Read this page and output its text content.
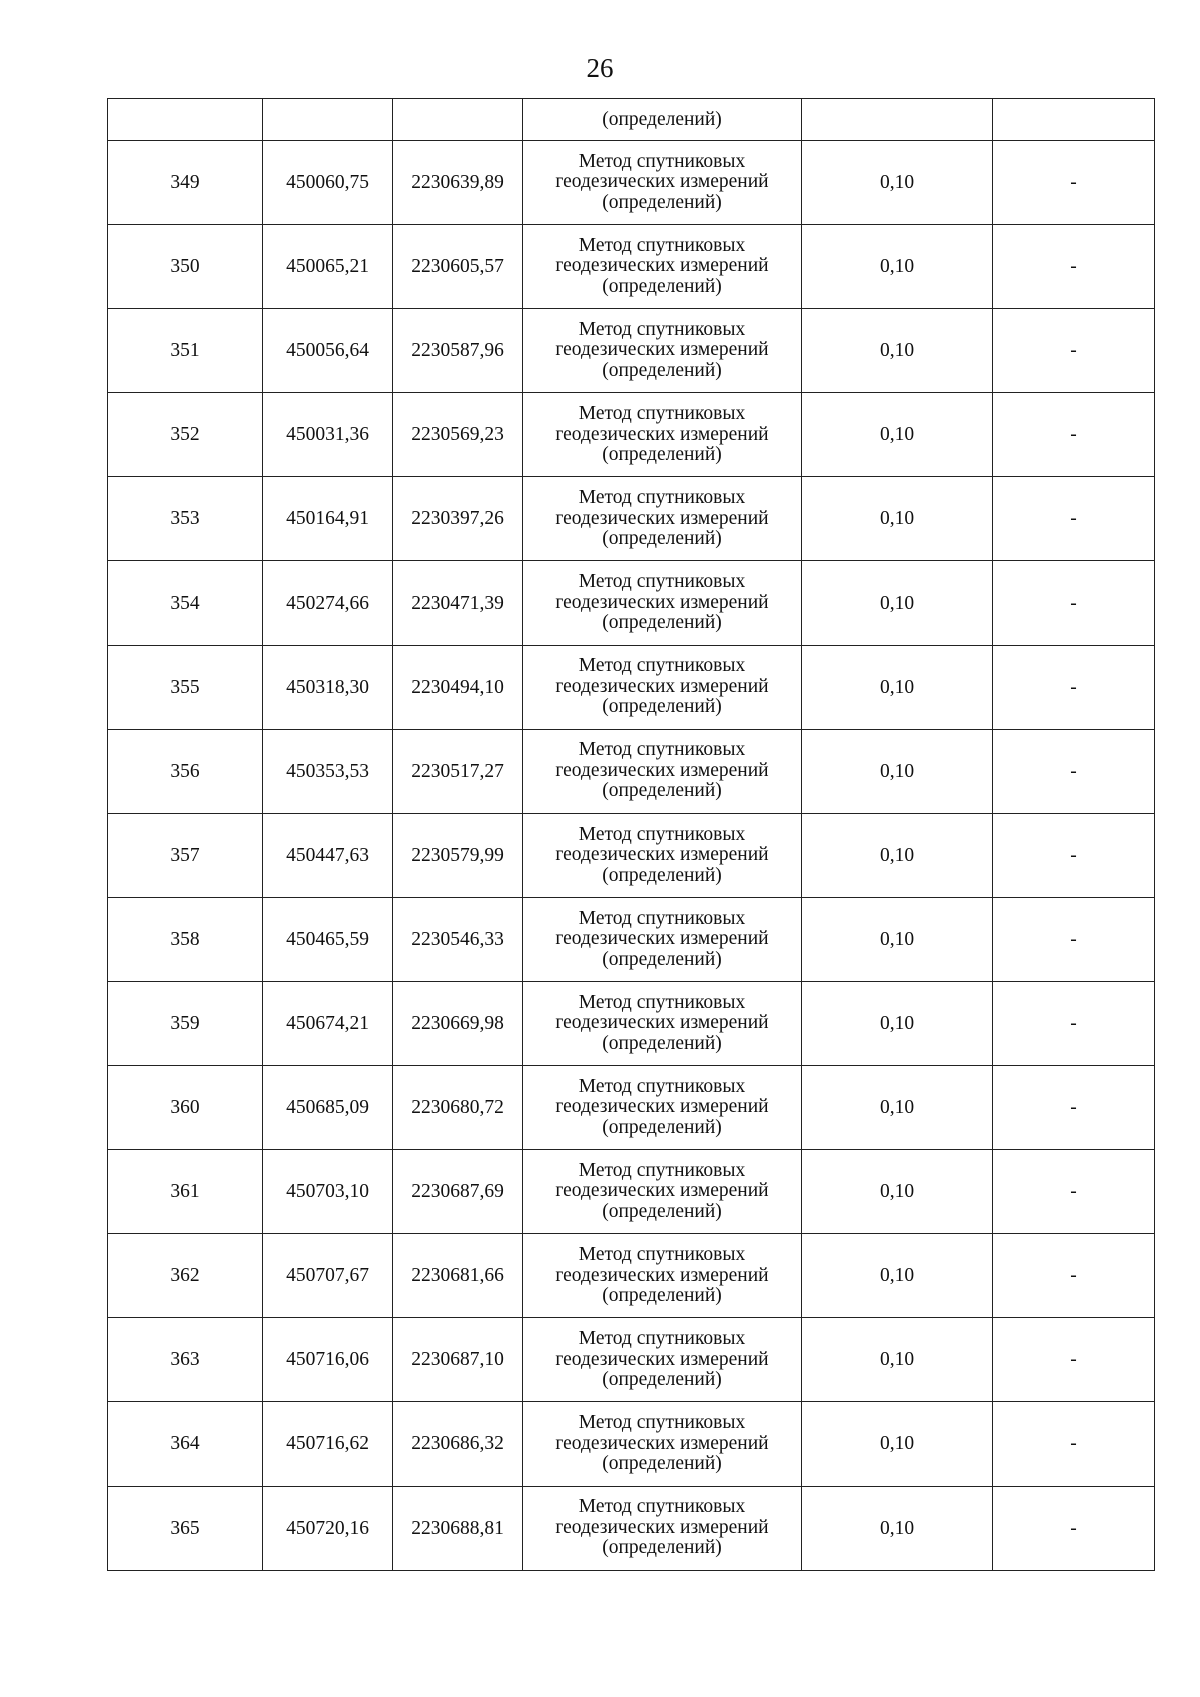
26
			(определений)		
349	450060,75	2230639,89	Метод спутниковых
геодезических измерений
(определений)	0,10	-
350	450065,21	2230605,57	Метод спутниковых
геодезических измерений
(определений)	0,10	-
351	450056,64	2230587,96	Метод спутниковых
геодезических измерений
(определений)	0,10	-
352	450031,36	2230569,23	Метод спутниковых
геодезических измерений
(определений)	0,10	-
353	450164,91	2230397,26	Метод спутниковых
геодезических измерений
(определений)	0,10	-
354	450274,66	2230471,39	Метод спутниковых
геодезических измерений
(определений)	0,10	-
355	450318,30	2230494,10	Метод спутниковых
геодезических измерений
(определений)	0,10	-
356	450353,53	2230517,27	Метод спутниковых
геодезических измерений
(определений)	0,10	-
357	450447,63	2230579,99	Метод спутниковых
геодезических измерений
(определений)	0,10	-
358	450465,59	2230546,33	Метод спутниковых
геодезических измерений
(определений)	0,10	-
359	450674,21	2230669,98	Метод спутниковых
геодезических измерений
(определений)	0,10	-
360	450685,09	2230680,72	Метод спутниковых
геодезических измерений
(определений)	0,10	-
361	450703,10	2230687,69	Метод спутниковых
геодезических измерений
(определений)	0,10	-
362	450707,67	2230681,66	Метод спутниковых
геодезических измерений
(определений)	0,10	-
363	450716,06	2230687,10	Метод спутниковых
геодезических измерений
(определений)	0,10	-
364	450716,62	2230686,32	Метод спутниковых
геодезических измерений
(определений)	0,10	-
365	450720,16	2230688,81	Метод спутниковых
геодезических измерений
(определений)	0,10	-
